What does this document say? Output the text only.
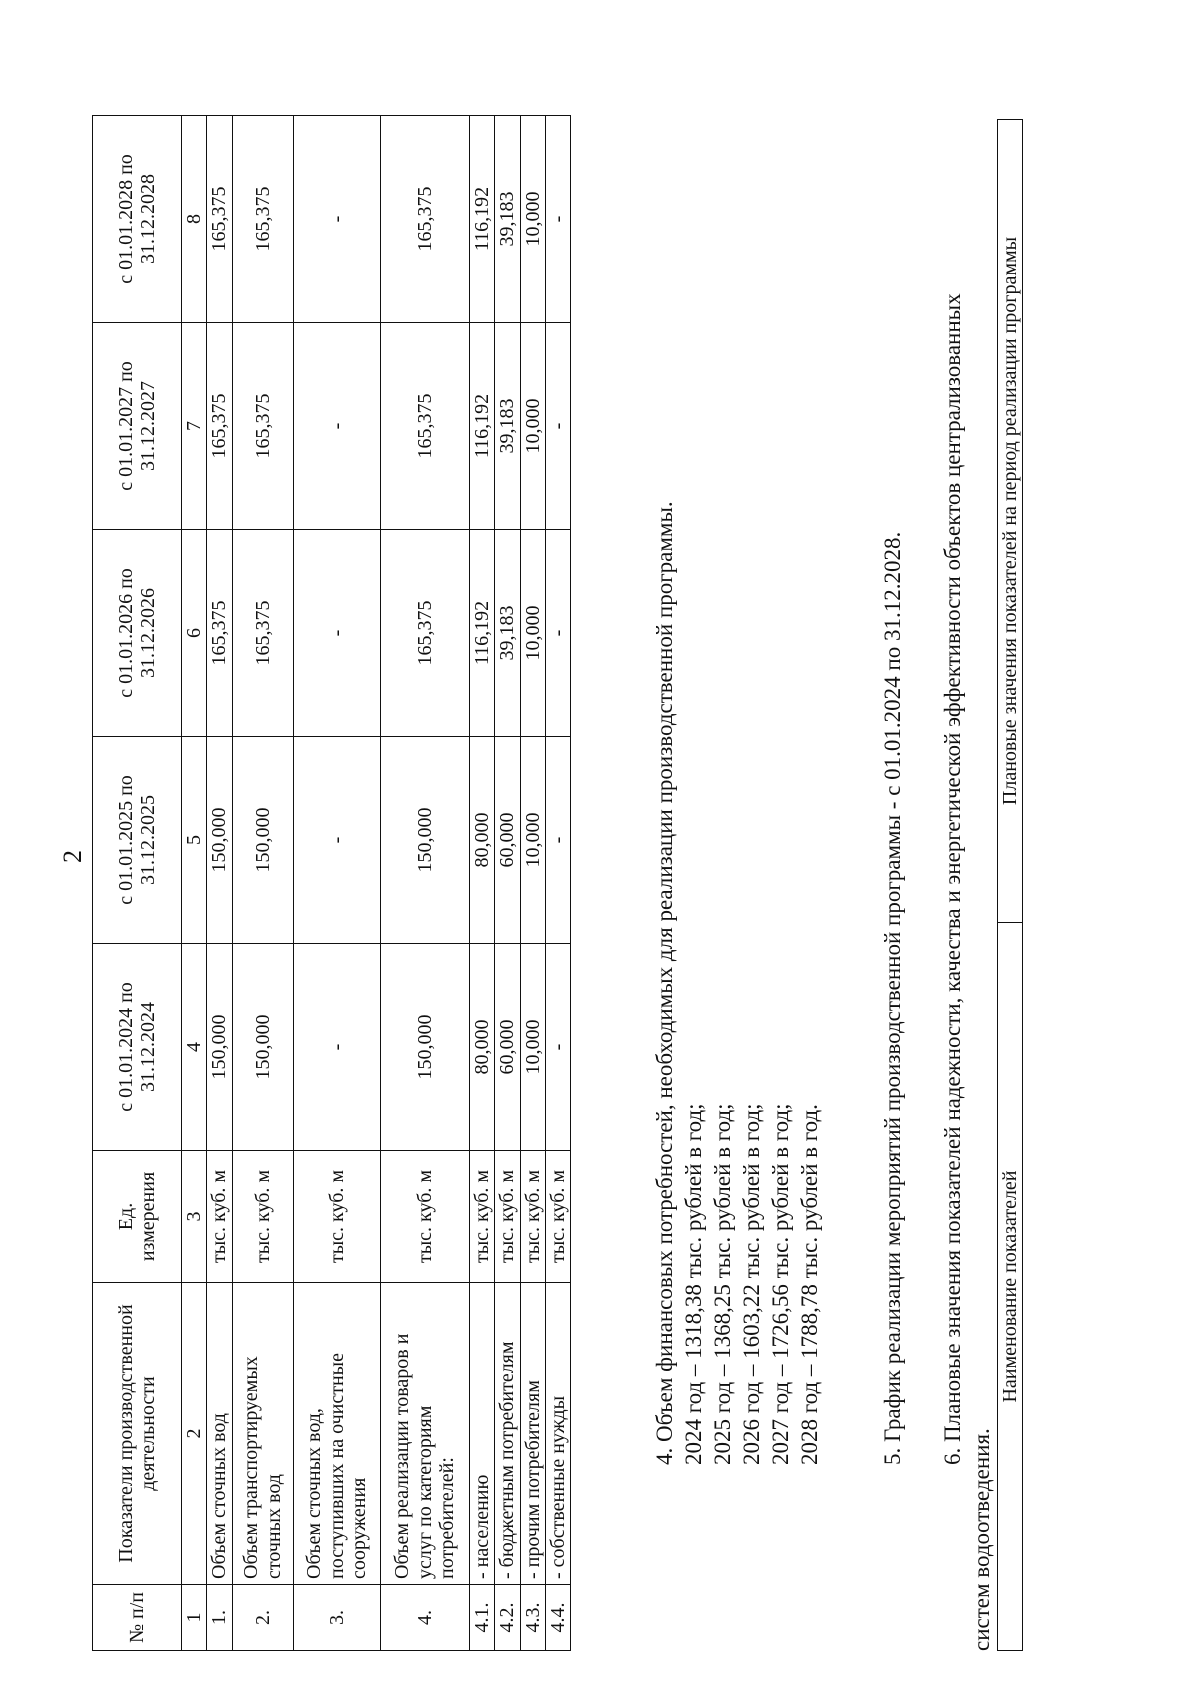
2
№ п/п	Показатели производственной деятельности	Ед. измерения	с 01.01.2024 по 31.12.2024	с 01.01.2025 по 31.12.2025	с 01.01.2026 по 31.12.2026	с 01.01.2027 по 31.12.2027	с 01.01.2028 по 31.12.2028
1	2	3	4	5	6	7	8
1.	Объем сточных вод	тыс. куб. м	150,000	150,000	165,375	165,375	165,375
2.	Объем транспортируемых сточных вод	тыс. куб. м	150,000	150,000	165,375	165,375	165,375
3.	Объем сточных вод, поступивших на очистные сооружения	тыс. куб. м	-	-	-	-	-
4.	Объем реализации товаров и услуг по категориям потребителей:	тыс. куб. м	150,000	150,000	165,375	165,375	165,375
4.1.	- населению	тыс. куб. м	80,000	80,000	116,192	116,192	116,192
4.2.	- бюджетным потребителям	тыс. куб. м	60,000	60,000	39,183	39,183	39,183
4.3.	- прочим потребителям	тыс. куб. м	10,000	10,000	10,000	10,000	10,000
4.4.	- собственные нужды	тыс. куб. м	-	-	-	-	-
4. Объем финансовых потребностей, необходимых для реализации производственной программы. 2024 год – 1318,38 тыс. рублей в год; 2025 год – 1368,25 тыс. рублей в год; 2026 год – 1603,22 тыс. рублей в год; 2027 год – 1726,56 тыс. рублей в год; 2028 год – 1788,78 тыс. рублей в год.	5. График реализации мероприятий производственной программы - с 01.01.2024 по 31.12.2028. 6. Плановые значения показателей надежности, качества и энергетической эффективности объектов централизованных
систем водоотведения.
Наименование показателей	Плановые значения показателей на период реализации программы
